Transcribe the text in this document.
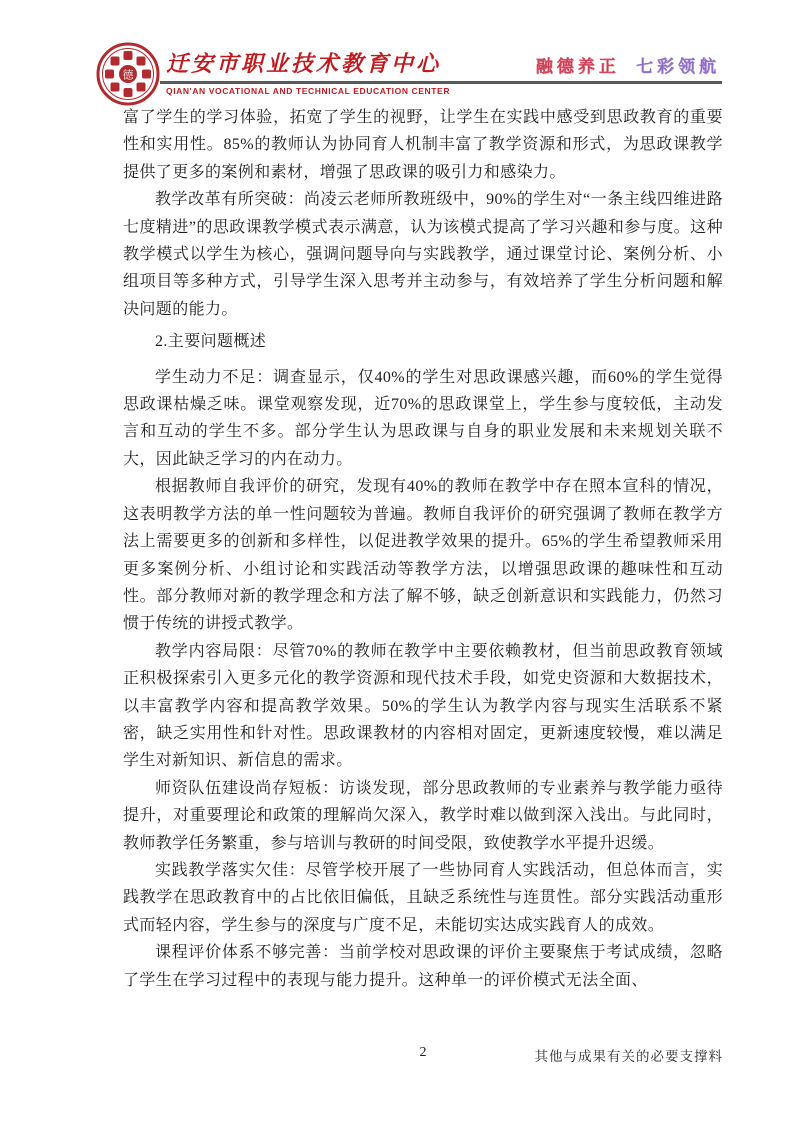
德 迁安市职业技术教育中心
QIAN'AN VOCATIONAL AND TECHNICAL EDUCATION CENTER
融德养正 七彩领航

富了学生的学习体验，拓宽了学生的视野，让学生在实践中感受到思政教育的重要性和实用性。85%的教师认为协同育人机制丰富了教学资源和形式，为思政课教学提供了更多的案例和素材，增强了思政课的吸引力和感染力。

教学改革有所突破：尚凌云老师所教班级中，90%的学生对“一条主线四维进路七度精进”的思政课教学模式表示满意，认为该模式提高了学习兴趣和参与度。这种教学模式以学生为核心，强调问题导向与实践教学，通过课堂讨论、案例分析、小组项目等多种方式，引导学生深入思考并主动参与，有效培养了学生分析问题和解决问题的能力。

2.主要问题概述

学生动力不足：调查显示，仅40%的学生对思政课感兴趣，而60%的学生觉得思政课枯燥乏味。课堂观察发现，近70%的思政课堂上，学生参与度较低，主动发言和互动的学生不多。部分学生认为思政课与自身的职业发展和未来规划关联不大，因此缺乏学习的内在动力。

根据教师自我评价的研究，发现有40%的教师在教学中存在照本宣科的情况，这表明教学方法的单一性问题较为普遍。教师自我评价的研究强调了教师在教学方法上需要更多的创新和多样性，以促进教学效果的提升。65%的学生希望教师采用更多案例分析、小组讨论和实践活动等教学方法，以增强思政课的趣味性和互动性。部分教师对新的教学理念和方法了解不够，缺乏创新意识和实践能力，仍然习惯于传统的讲授式教学。

教学内容局限：尽管70%的教师在教学中主要依赖教材，但当前思政教育领域正积极探索引入更多元化的教学资源和现代技术手段，如党史资源和大数据技术，以丰富教学内容和提高教学效果。50%的学生认为教学内容与现实生活联系不紧密，缺乏实用性和针对性。思政课教材的内容相对固定，更新速度较慢，难以满足学生对新知识、新信息的需求。

师资队伍建设尚存短板：访谈发现，部分思政教师的专业素养与教学能力亟待提升，对重要理论和政策的理解尚欠深入，教学时难以做到深入浅出。与此同时，教师教学任务繁重，参与培训与教研的时间受限，致使教学水平提升迟缓。

实践教学落实欠佳：尽管学校开展了一些协同育人实践活动，但总体而言，实践教学在思政教育中的占比依旧偏低，且缺乏系统性与连贯性。部分实践活动重形式而轻内容，学生参与的深度与广度不足，未能切实达成实践育人的成效。

课程评价体系不够完善：当前学校对思政课的评价主要聚焦于考试成绩，忽略了学生在学习过程中的表现与能力提升。这种单一的评价模式无法全面、

2	其他与成果有关的必要支撑料
